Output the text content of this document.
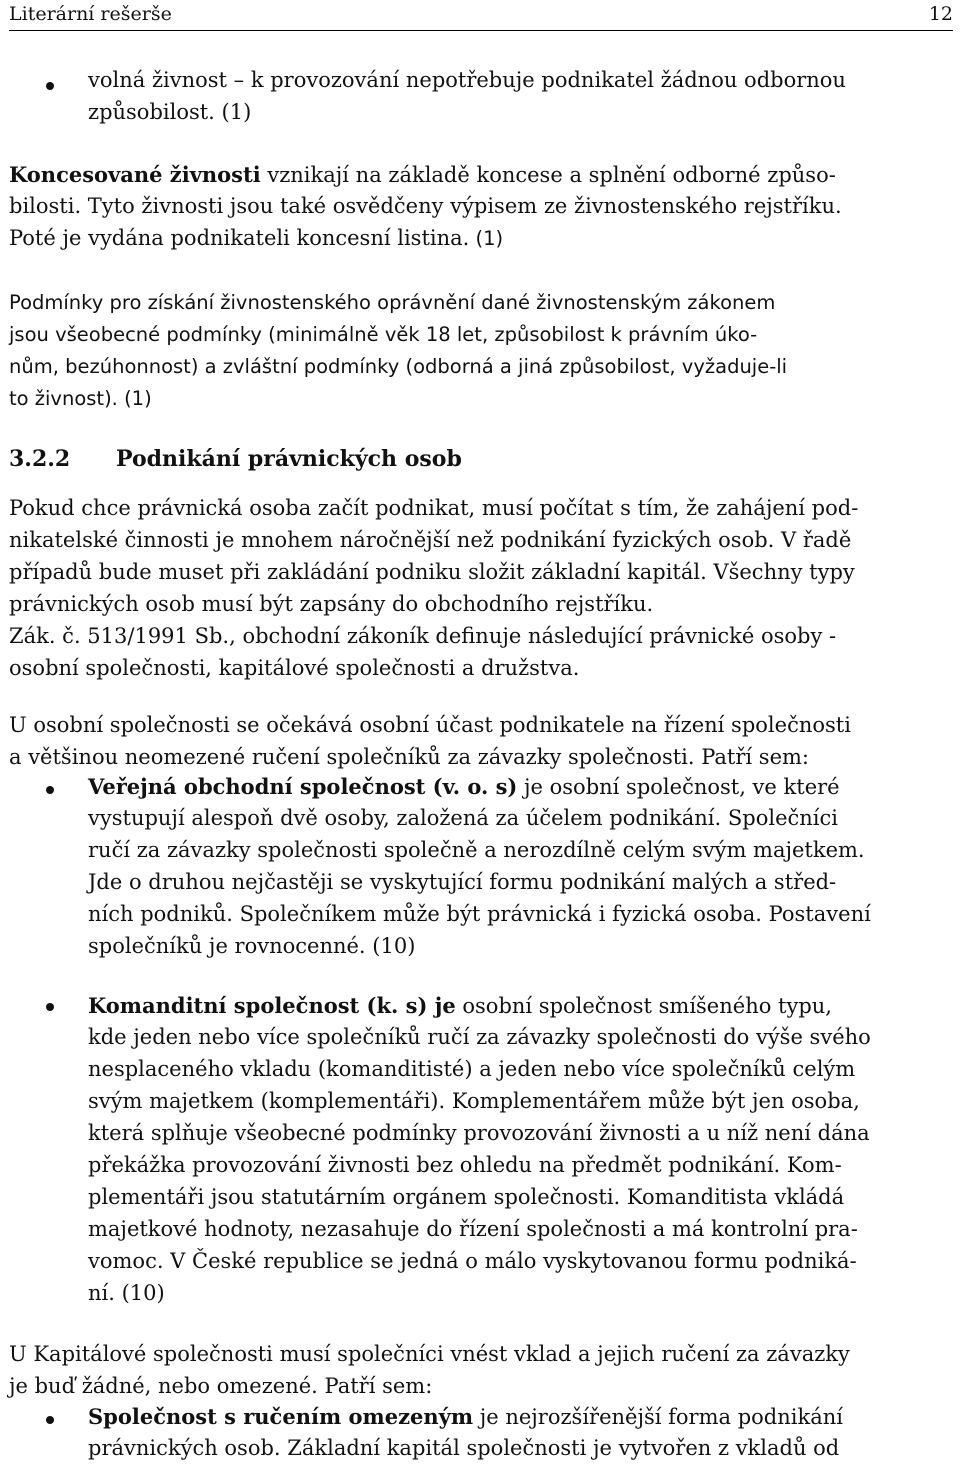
Literární rešerše	12
volná živnost – k provozování nepotřebuje podnikatel žádnou odbornou
způsobilost. (1)
Koncesované živnosti vznikají na základě koncese a splnění odborné způso-
bilosti. Tyto živnosti jsou také osvědčeny výpisem ze živnostenského rejstříku.
Poté je vydána podnikateli koncesní listina. (1)
Podmínky pro získání živnostenského oprávnění dané živnostenským zákonem
jsou všeobecné podmínky (minimálně věk 18 let, způsobilost k právním úko-
nům, bezúhonnost) a zvláštní podmínky (odborná a jiná způsobilost, vyžaduje-li
to živnost). (1)
3.2.2 Podnikání právnických osob
Pokud chce právnická osoba začít podnikat, musí počítat s tím, že zahájení pod-
nikatelské činnosti je mnohem náročnější než podnikání fyzických osob. V řadě
případů bude muset při zakládání podniku složit základní kapitál. Všechny typy
právnických osob musí být zapsány do obchodního rejstříku.
Zák. č. 513/1991 Sb., obchodní zákoník definuje následující právnické osoby -
osobní společnosti, kapitálové společnosti a družstva.
U osobní společnosti se očekává osobní účast podnikatele na řízení společnosti
a většinou neomezené ručení společníků za závazky společnosti. Patří sem:
Veřejná obchodní společnost (v. o. s) je osobní společnost, ve které
vystupují alespoň dvě osoby, založená za účelem podnikání. Společníci
ručí za závazky společnosti společně a nerozdílně celým svým majetkem.
Jde o druhou nejčastěji se vyskytující formu podnikání malých a střed-
ních podniků. Společníkem může být právnická i fyzická osoba. Postavení
společníků je rovnocenné. (10)
Komanditní společnost (k. s) je osobní společnost smíšeného typu,
kde jeden nebo více společníků ručí za závazky společnosti do výše svého
nesplaceného vkladu (komanditisté) a jeden nebo více společníků celým
svým majetkem (komplementáři). Komplementářem může být jen osoba,
která splňuje všeobecné podmínky provozování živnosti a u níž není dána
překážka provozování živnosti bez ohledu na předmět podnikání. Kom-
plementáři jsou statutárním orgánem společnosti. Komanditista vkládá
majetkové hodnoty, nezasahuje do řízení společnosti a má kontrolní pra-
vomoc. V České republice se jedná o málo vyskytovanou formu podniká-
ní. (10)
U Kapitálové společnosti musí společníci vnést vklad a jejich ručení za závazky
je buď žádné, nebo omezené. Patří sem:
Společnost s ručením omezeným je nejrozšířenější forma podnikání
právnických osob. Základní kapitál společnosti je vytvořen z vkladů od
